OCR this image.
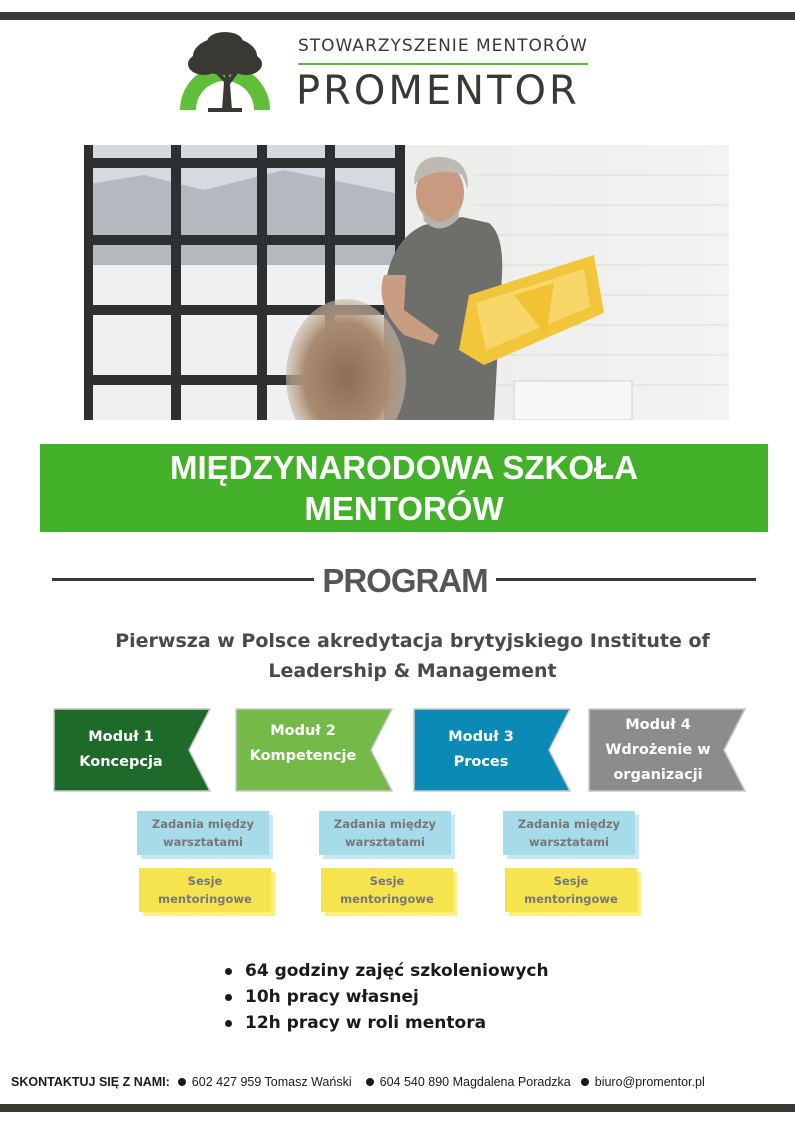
STOWARZYSZENIE MENTORÓW
PROMENTOR
MIĘDZYNARODOWA SZKOŁA MENTORÓW
PROGRAM
Pierwsza w Polsce akredytacja brytyjskiego Institute of Leadership & Management
Moduł 1
Koncepcja
Moduł 2
Kompetencje
Moduł 3
Proces
Moduł 4
Wdrożenie w
organizacji
Zadania między
warsztatami
Zadania między
warsztatami
Zadania między
warsztatami
Sesje
mentoringowe
Sesje
mentoringowe
Sesje
mentoringowe
64 godziny zajęć szkoleniowych
10h pracy własnej
12h pracy w roli mentora
SKONTAKTUJ SIĘ Z NAMI: 602 427 959 Tomasz Wański 604 540 890 Magdalena Poradzka biuro@promentor.pl
